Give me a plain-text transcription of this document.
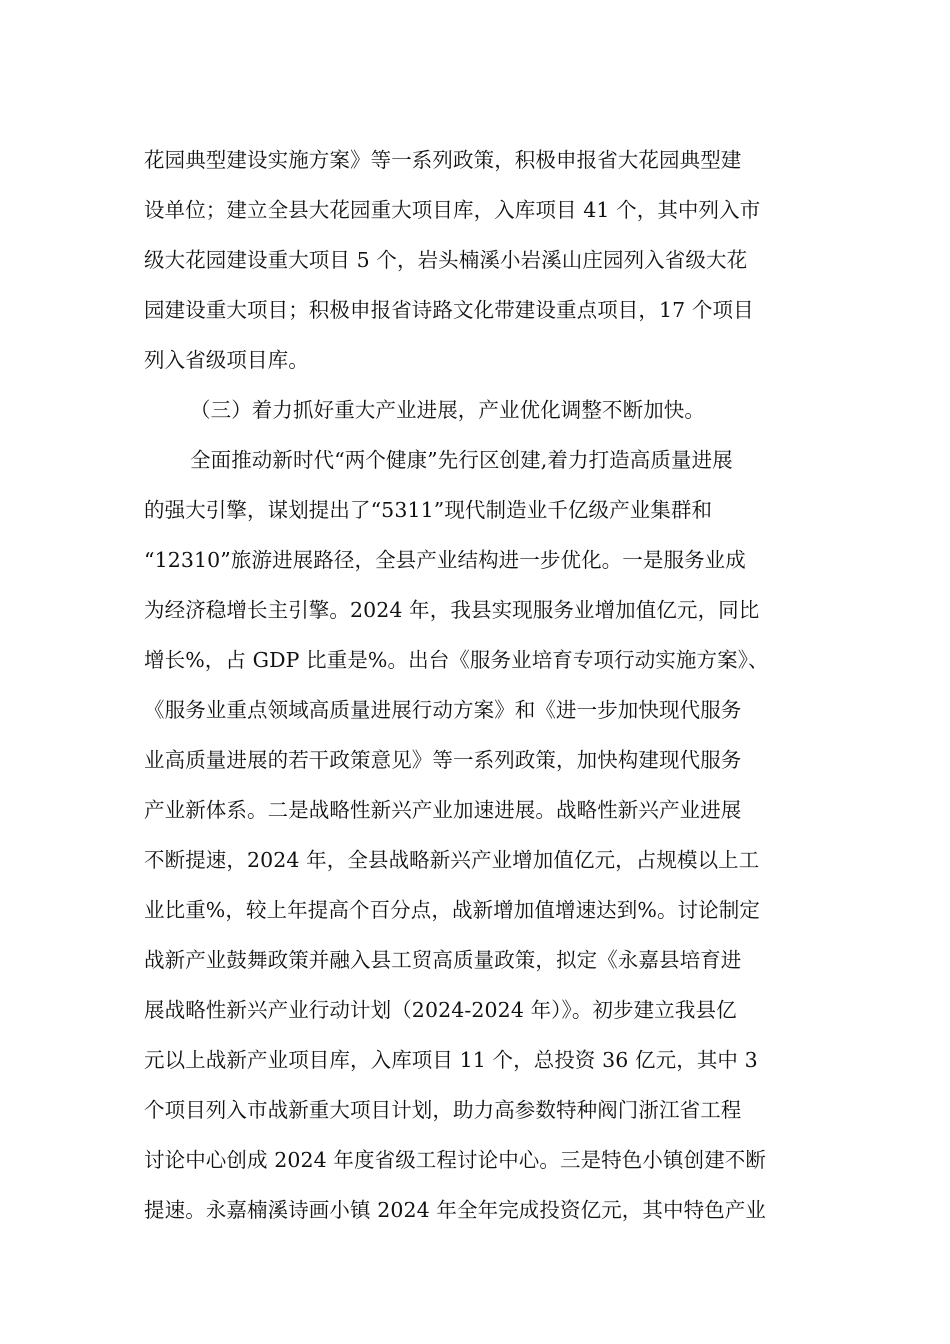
花园典型建设实施方案》等一系列政策，积极申报省大花园典型建
设单位；建立全县大花园重大项目库，入库项目 41 个，其中列入市
级大花园建设重大项目 5 个，岩头楠溪小岩溪山庄园列入省级大花
园建设重大项目；积极申报省诗路文化带建设重点项目，17 个项目
列入省级项目库。
（三）着力抓好重大产业进展，产业优化调整不断加快。
全面推动新时代“两个健康”先行区创建,着力打造高质量进展
的强大引擎，谋划提出了“5311”现代制造业千亿级产业集群和
“12310”旅游进展路径，全县产业结构进一步优化。一是服务业成
为经济稳增长主引擎。2024 年，我县实现服务业增加值亿元，同比
增长%，占 GDP 比重是%。出台《服务业培育专项行动实施方案》、
《服务业重点领域高质量进展行动方案》和《进一步加快现代服务
业高质量进展的若干政策意见》等一系列政策，加快构建现代服务
产业新体系。二是战略性新兴产业加速进展。战略性新兴产业进展
不断提速，2024 年，全县战略新兴产业增加值亿元，占规模以上工
业比重%，较上年提高个百分点，战新增加值增速达到%。讨论制定
战新产业鼓舞政策并融入县工贸高质量政策，拟定《永嘉县培育进
展战略性新兴产业行动计划（2024-2024 年）》。初步建立我县亿
元以上战新产业项目库，入库项目 11 个，总投资 36 亿元，其中 3
个项目列入市战新重大项目计划，助力高参数特种阀门浙江省工程
讨论中心创成 2024 年度省级工程讨论中心。三是特色小镇创建不断
提速。永嘉楠溪诗画小镇 2024 年全年完成投资亿元，其中特色产业
